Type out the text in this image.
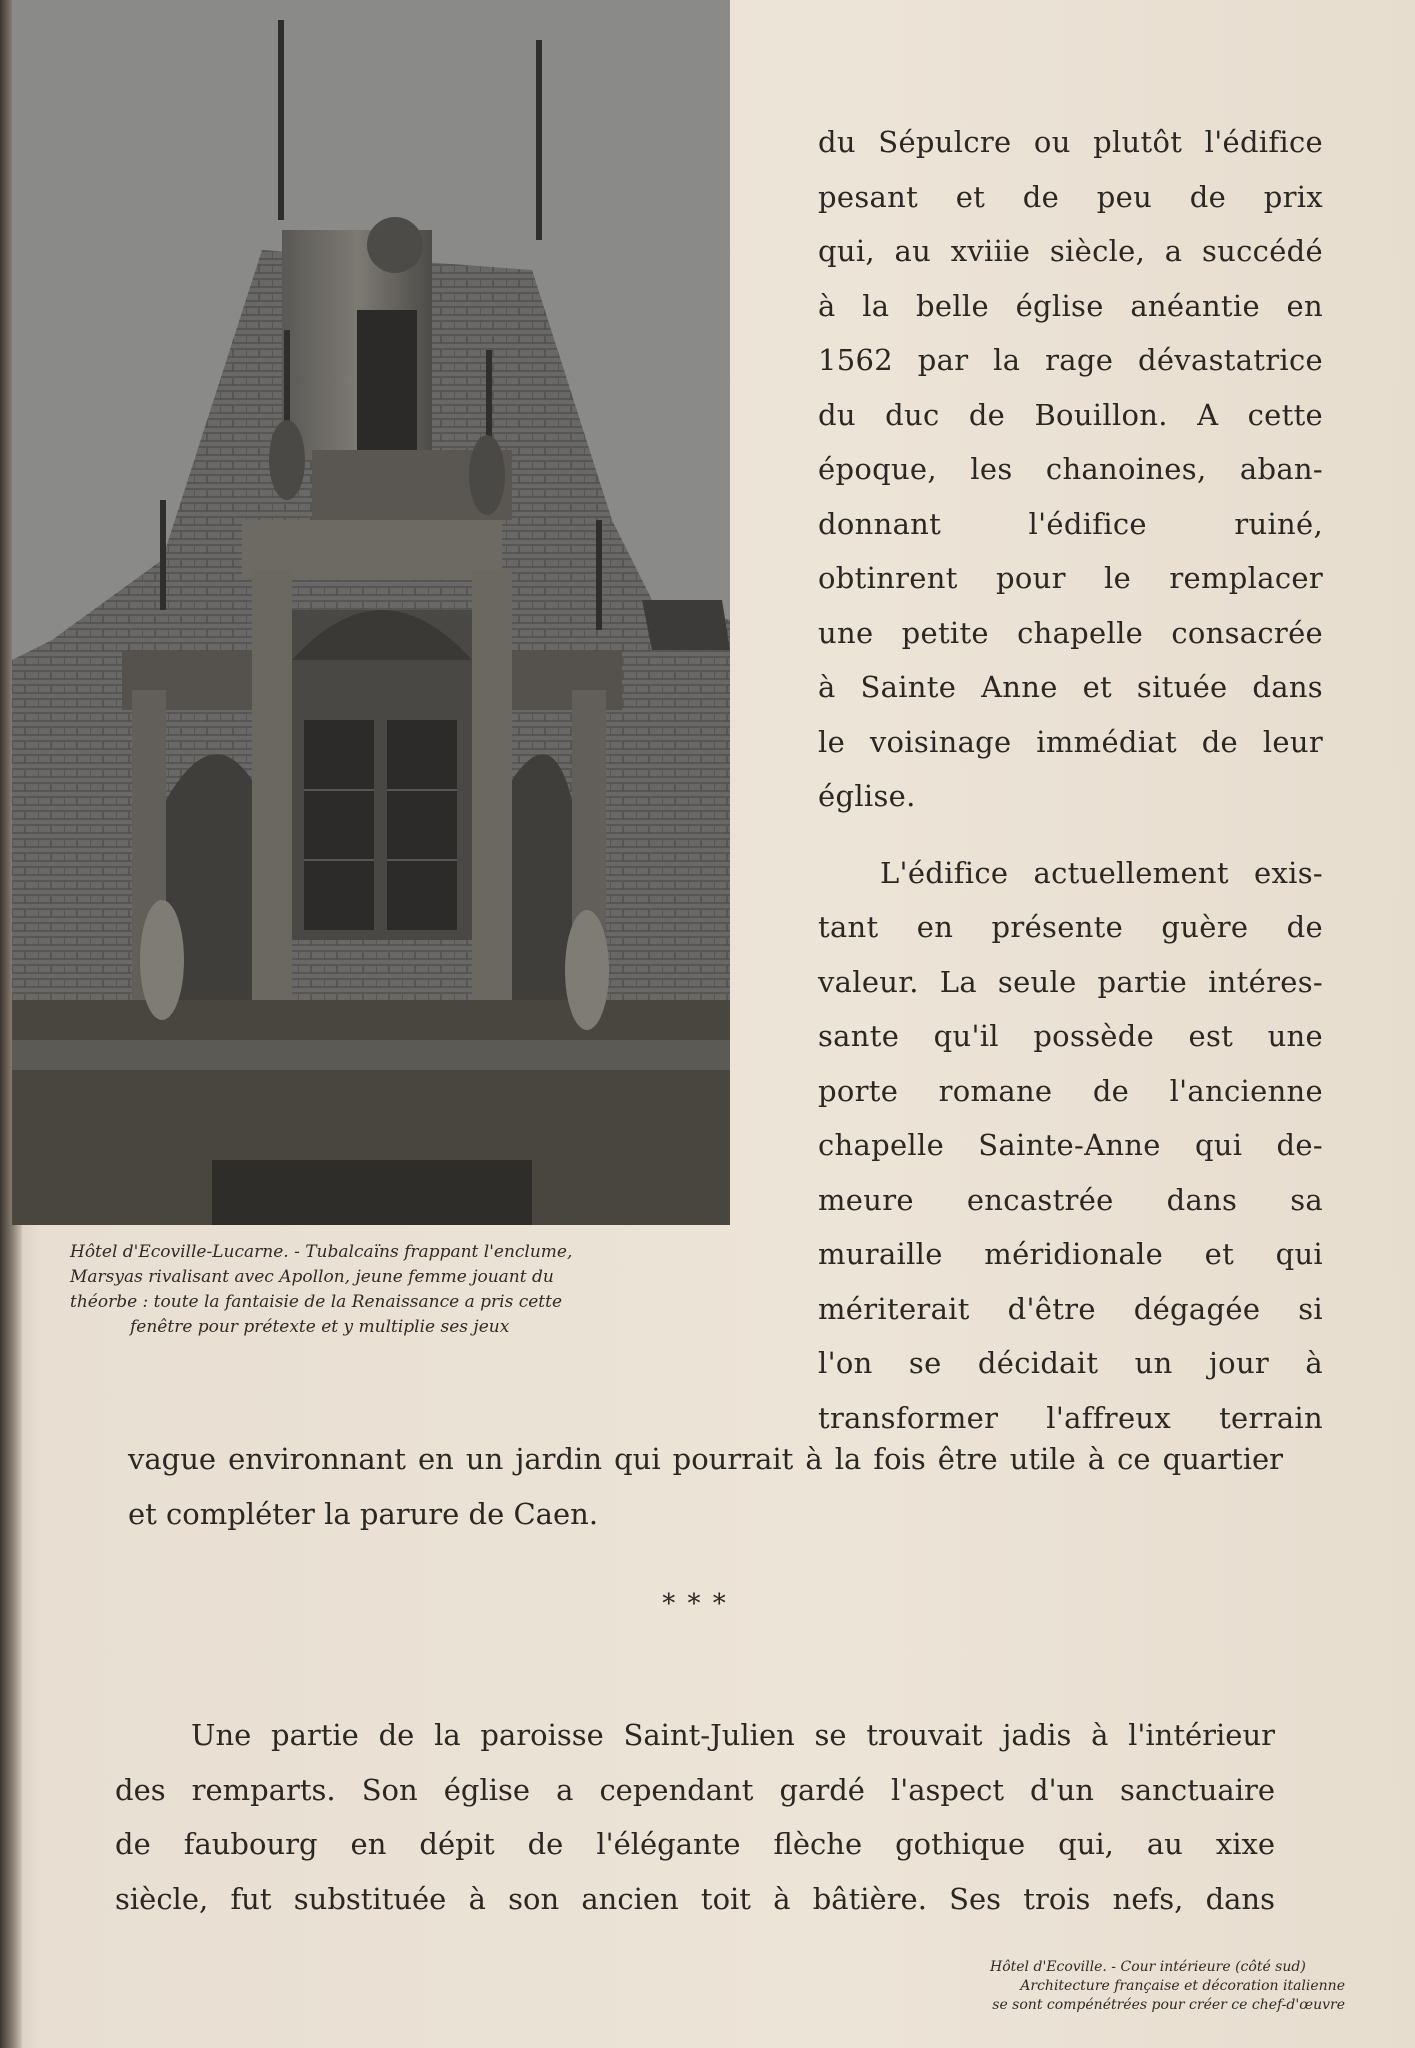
Hôtel d'Ecoville-Lucarne. - Tubalcaïns frappant l'enclume,
Marsyas rivalisant avec Apollon, jeune femme jouant du
théorbe : toute la fantaisie de la Renaissance a pris cette
fenêtre pour prétexte et y multiplie ses jeux
du Sépulcre ou plutôt l'édifice
pesant et de peu de prix
qui, au xviiie siècle, a succédé
à la belle église anéantie en
1562 par la rage dévastatrice
du duc de Bouillon. A cette
époque, les chanoines, aban-
donnant l'édifice ruiné,
obtinrent pour le remplacer
une petite chapelle consacrée
à Sainte Anne et située dans
le voisinage immédiat de leur
église.
L'édifice actuellement exis-
tant en présente guère de
valeur. La seule partie intéres-
sante qu'il possède est une
porte romane de l'ancienne
chapelle Sainte-Anne qui de-
meure encastrée dans sa
muraille méridionale et qui
mériterait d'être dégagée si
l'on se décidait un jour à
transformer l'affreux terrain
vague environnant en un jardin qui pourrait à la fois être utile à ce quartier
et compléter la parure de Caen.
* * *
Une partie de la paroisse Saint-Julien se trouvait jadis à l'intérieur
des remparts. Son église a cependant gardé l'aspect d'un sanctuaire
de faubourg en dépit de l'élégante flèche gothique qui, au xixe
siècle, fut substituée à son ancien toit à bâtière. Ses trois nefs, dans
Hôtel d'Ecoville. - Cour intérieure (côté sud)
Architecture française et décoration italienne
se sont compénétrées pour créer ce chef-d'œuvre
